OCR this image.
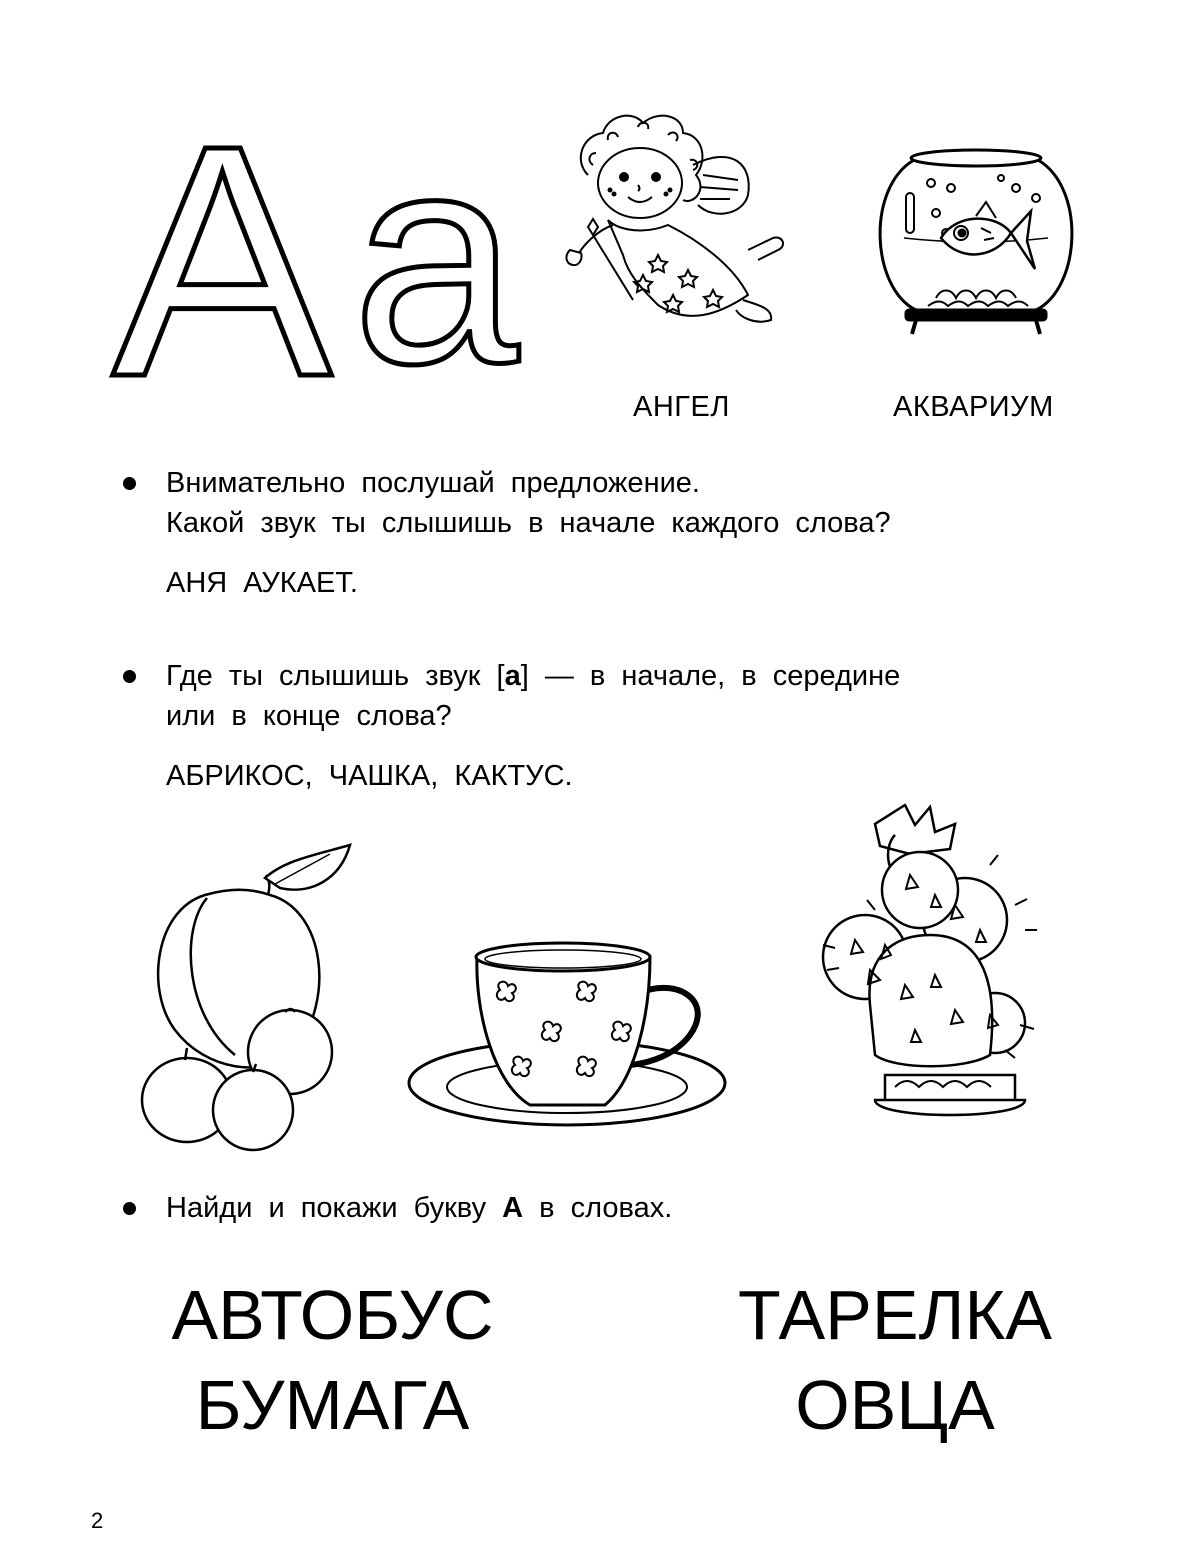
А а	АНГЕЛ	АКВАРИУМ
Внимательно послушай предложение.
Какой звук ты слышишь в начале каждого слова?
АНЯ АУКАЕТ.
Где ты слышишь звук [а] — в начале, в середине
или в конце слова?
АБРИКОС, ЧАШКА, КАКТУС.
Найди и покажи букву А в словах.
АВТОБУС
БУМАГА
ТАРЕЛКА
ОВЦА
2
